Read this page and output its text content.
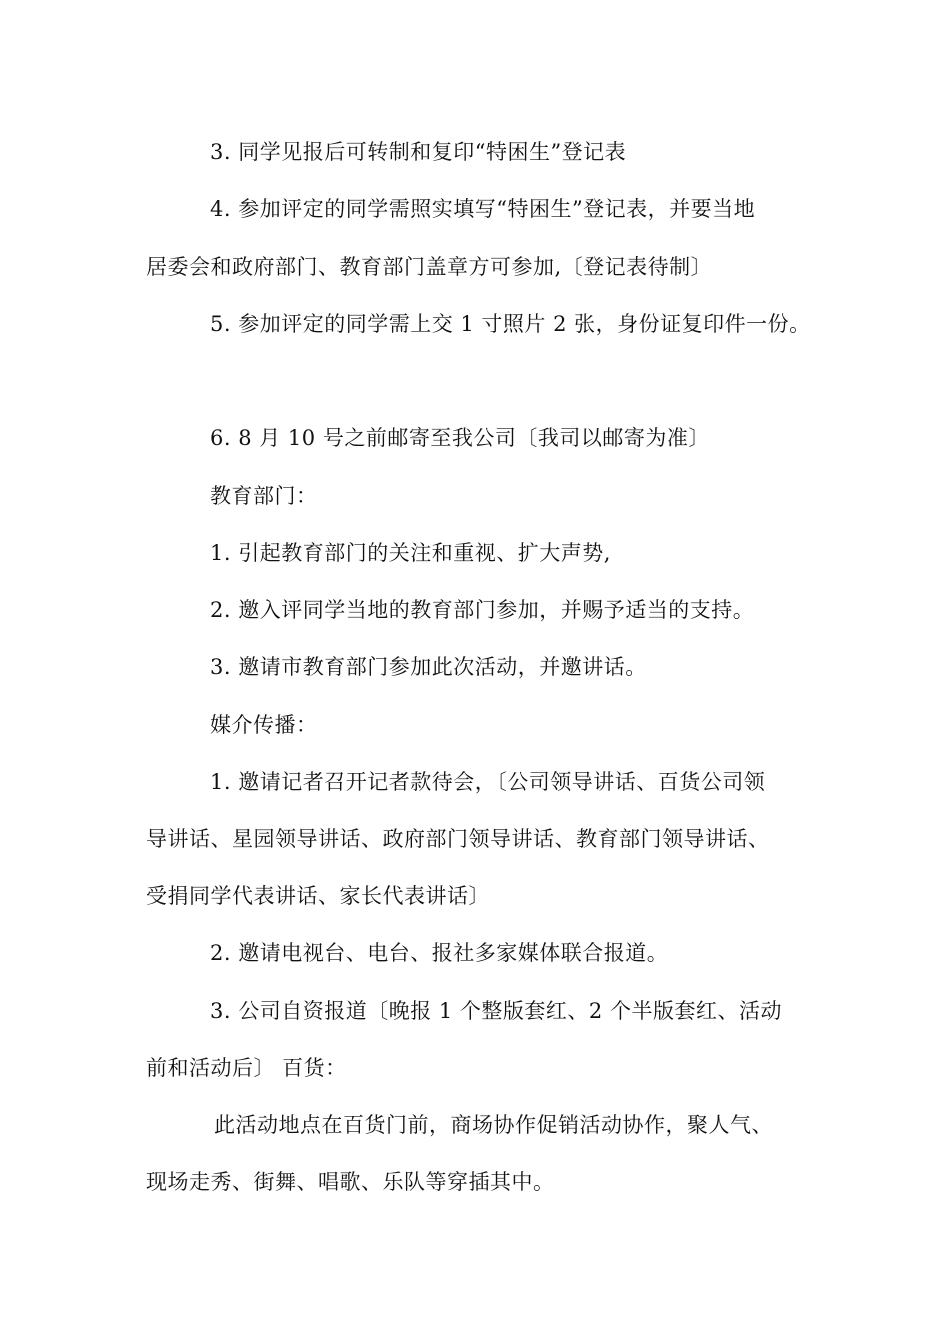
3. 同学见报后可转制和复印“特困生”登记表
4. 参加评定的同学需照实填写“特困生”登记表，并要当地
居委会和政府部门、教育部门盖章方可参加,〔登记表待制〕
5. 参加评定的同学需上交 1 寸照片 2 张，身份证复印件一份。
6. 8 月 10 号之前邮寄至我公司〔我司以邮寄为准〕
教育部门：
1. 引起教育部门的关注和重视、扩大声势,
2. 邀入评同学当地的教育部门参加，并赐予适当的支持。
3. 邀请市教育部门参加此次活动，并邀讲话。
媒介传播：
1. 邀请记者召开记者款待会，〔公司领导讲话、百货公司领
导讲话、星园领导讲话、政府部门领导讲话、教育部门领导讲话、
受捐同学代表讲话、家长代表讲话〕
2. 邀请电视台、电台、报社多家媒体联合报道。
3. 公司自资报道〔晚报 1 个整版套红、2 个半版套红、活动
前和活动后〕 百货：
此活动地点在百货门前，商场协作促销活动协作，聚人气、
现场走秀、街舞、唱歌、乐队等穿插其中。
